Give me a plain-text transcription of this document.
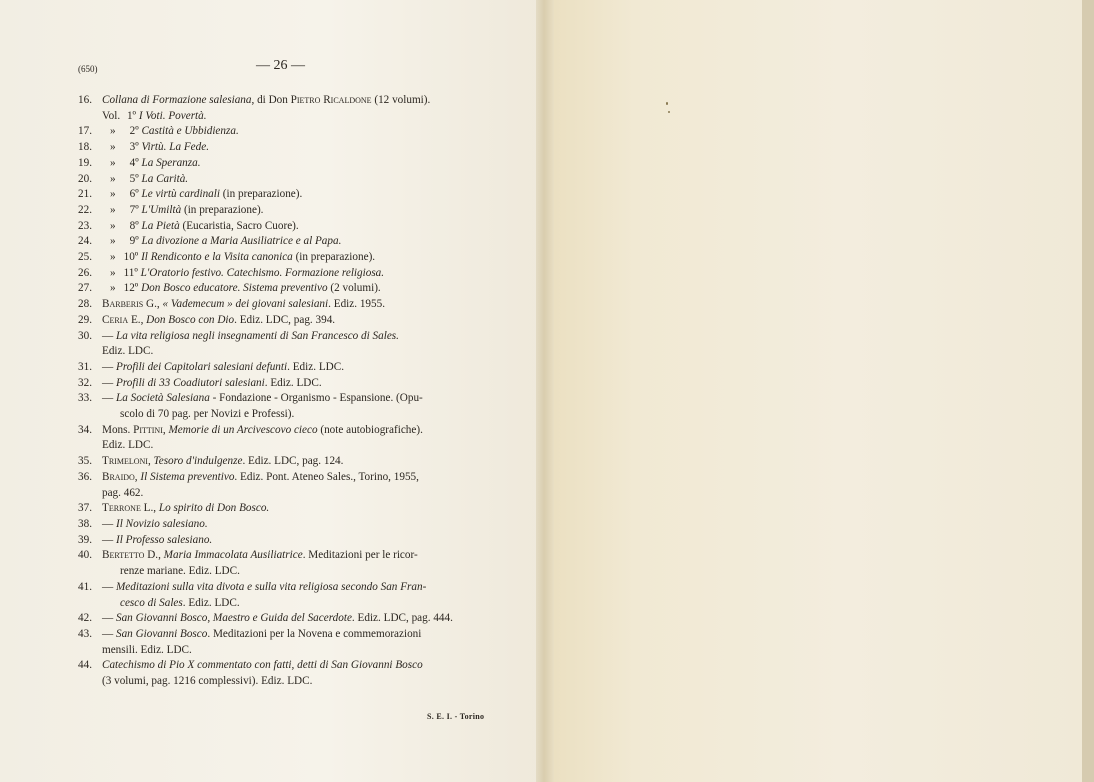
(650)	— 26 —
16. Collana di Formazione salesiana, di Don Pietro Ricaldone (12 volumi).
Vol. 1º I Voti. Povertà.
17.	» 2º Castità e Ubbidienza.
18.	» 3º Virtù. La Fede.
19.	» 4º La Speranza.
20.	» 5º La Carità.
21.	» 6º Le virtù cardinali (in preparazione).
22.	» 7º L'Umiltà (in preparazione).
23.	» 8º La Pietà (Eucaristia, Sacro Cuore).
24.	» 9º La divozione a Maria Ausiliatrice e al Papa.
25.	» 10º Il Rendiconto e la Visita canonica (in preparazione).
26.	» 11º L'Oratorio festivo. Catechismo. Formazione religiosa.
27.	» 12º Don Bosco educatore. Sistema preventivo (2 volumi).
28. Barberis G., « Vademecum » dei giovani salesiani. Ediz. 1955.
29. Ceria E., Don Bosco con Dio. Ediz. LDC, pag. 394.
30. — La vita religiosa negli insegnamenti di San Francesco di Sales.
Ediz. LDC.
31. — Profili dei Capitolari salesiani defunti. Ediz. LDC.
32. — Profili di 33 Coadiutori salesiani. Ediz. LDC.
33. — La Società Salesiana - Fondazione - Organismo - Espansione. (Opu-
scolo di 70 pag. per Novizi e Professi).
34. Mons. Pittini, Memorie di un Arcivescovo cieco (note autobiografiche).
Ediz. LDC.
35. Trimeloni, Tesoro d'indulgenze. Ediz. LDC, pag. 124.
36. Braido, Il Sistema preventivo. Ediz. Pont. Ateneo Sales., Torino, 1955,
pag. 462.
37. Terrone L., Lo spirito di Don Bosco.
38. — Il Novizio salesiano.
39. — Il Professo salesiano.
40. Bertetto D., Maria Immacolata Ausiliatrice. Meditazioni per le ricor-
renze mariane. Ediz. LDC.
41. — Meditazioni sulla vita divota e sulla vita religiosa secondo San Fran-
cesco di Sales. Ediz. LDC.
42. — San Giovanni Bosco, Maestro e Guida del Sacerdote. Ediz. LDC, pag. 444.
43. — San Giovanni Bosco. Meditazioni per la Novena e commemorazioni
mensili. Ediz. LDC.
44. Catechismo di Pio X commentato con fatti, detti di San Giovanni Bosco
(3 volumi, pag. 1216 complessivi). Ediz. LDC.
S. E. I. - Torino
